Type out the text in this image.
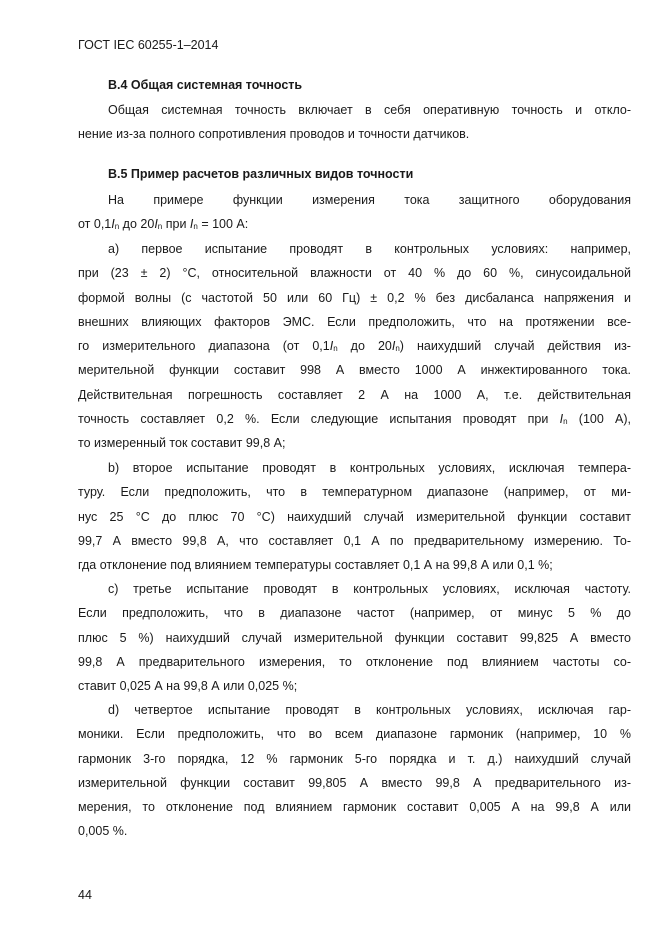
ГОСТ IEC 60255-1–2014
B.4 Общая системная точность
Общая системная точность включает в себя оперативную точность и откло-
нение из-за полного сопротивления проводов и точности датчиков.
B.5 Пример расчетов различных видов точности
На примере функции измерения тока защитного оборудования
от $0,1I_n$ до $20I_n$ при $I_n = 100$ А:
а) первое испытание проводят в контрольных условиях: например,
при (23 ± 2) °С, относительной влажности от 40 % до 60 %, синусоидальной
формой волны (с частотой 50 или 60 Гц) ± 0,2 % без дисбаланса напряжения и
внешних влияющих факторов ЭМС. Если предположить, что на протяжении все-
го измерительного диапазона (от $0,1I_n$ до $20I_n$) наихудший случай действия из-
мерительной функции составит 998 А вместо 1000 А инжектированного тока.
Действительная погрешность составляет 2 А на 1000 А, т.е. действительная
точность составляет 0,2 %. Если следующие испытания проводят при $I_n$ (100 А),
то измеренный ток составит 99,8 А;
b) второе испытание проводят в контрольных условиях, исключая темпера-
туру. Если предположить, что в температурном диапазоне (например, от ми-
нус 25 °С до плюс 70 °С) наихудший случай измерительной функции составит
99,7 А вместо 99,8 А, что составляет 0,1 А по предварительному измерению. То-
гда отклонение под влиянием температуры составляет 0,1 А на 99,8 А или 0,1 %;
c) третье испытание проводят в контрольных условиях, исключая частоту.
Если предположить, что в диапазоне частот (например, от минус 5 % до
плюс 5 %) наихудший случай измерительной функции составит 99,825 А вместо
99,8 А предварительного измерения, то отклонение под влиянием частоты со-
ставит 0,025 А на 99,8 А или 0,025 %;
d) четвертое испытание проводят в контрольных условиях, исключая гар-
моники. Если предположить, что во всем диапазоне гармоник (например, 10 %
гармоник 3-го порядка, 12 % гармоник 5-го порядка и т. д.) наихудший случай
измерительной функции составит 99,805 А вместо 99,8 А предварительного из-
мерения, то отклонение под влиянием гармоник составит 0,005 А на 99,8 А или
0,005 %.
44
